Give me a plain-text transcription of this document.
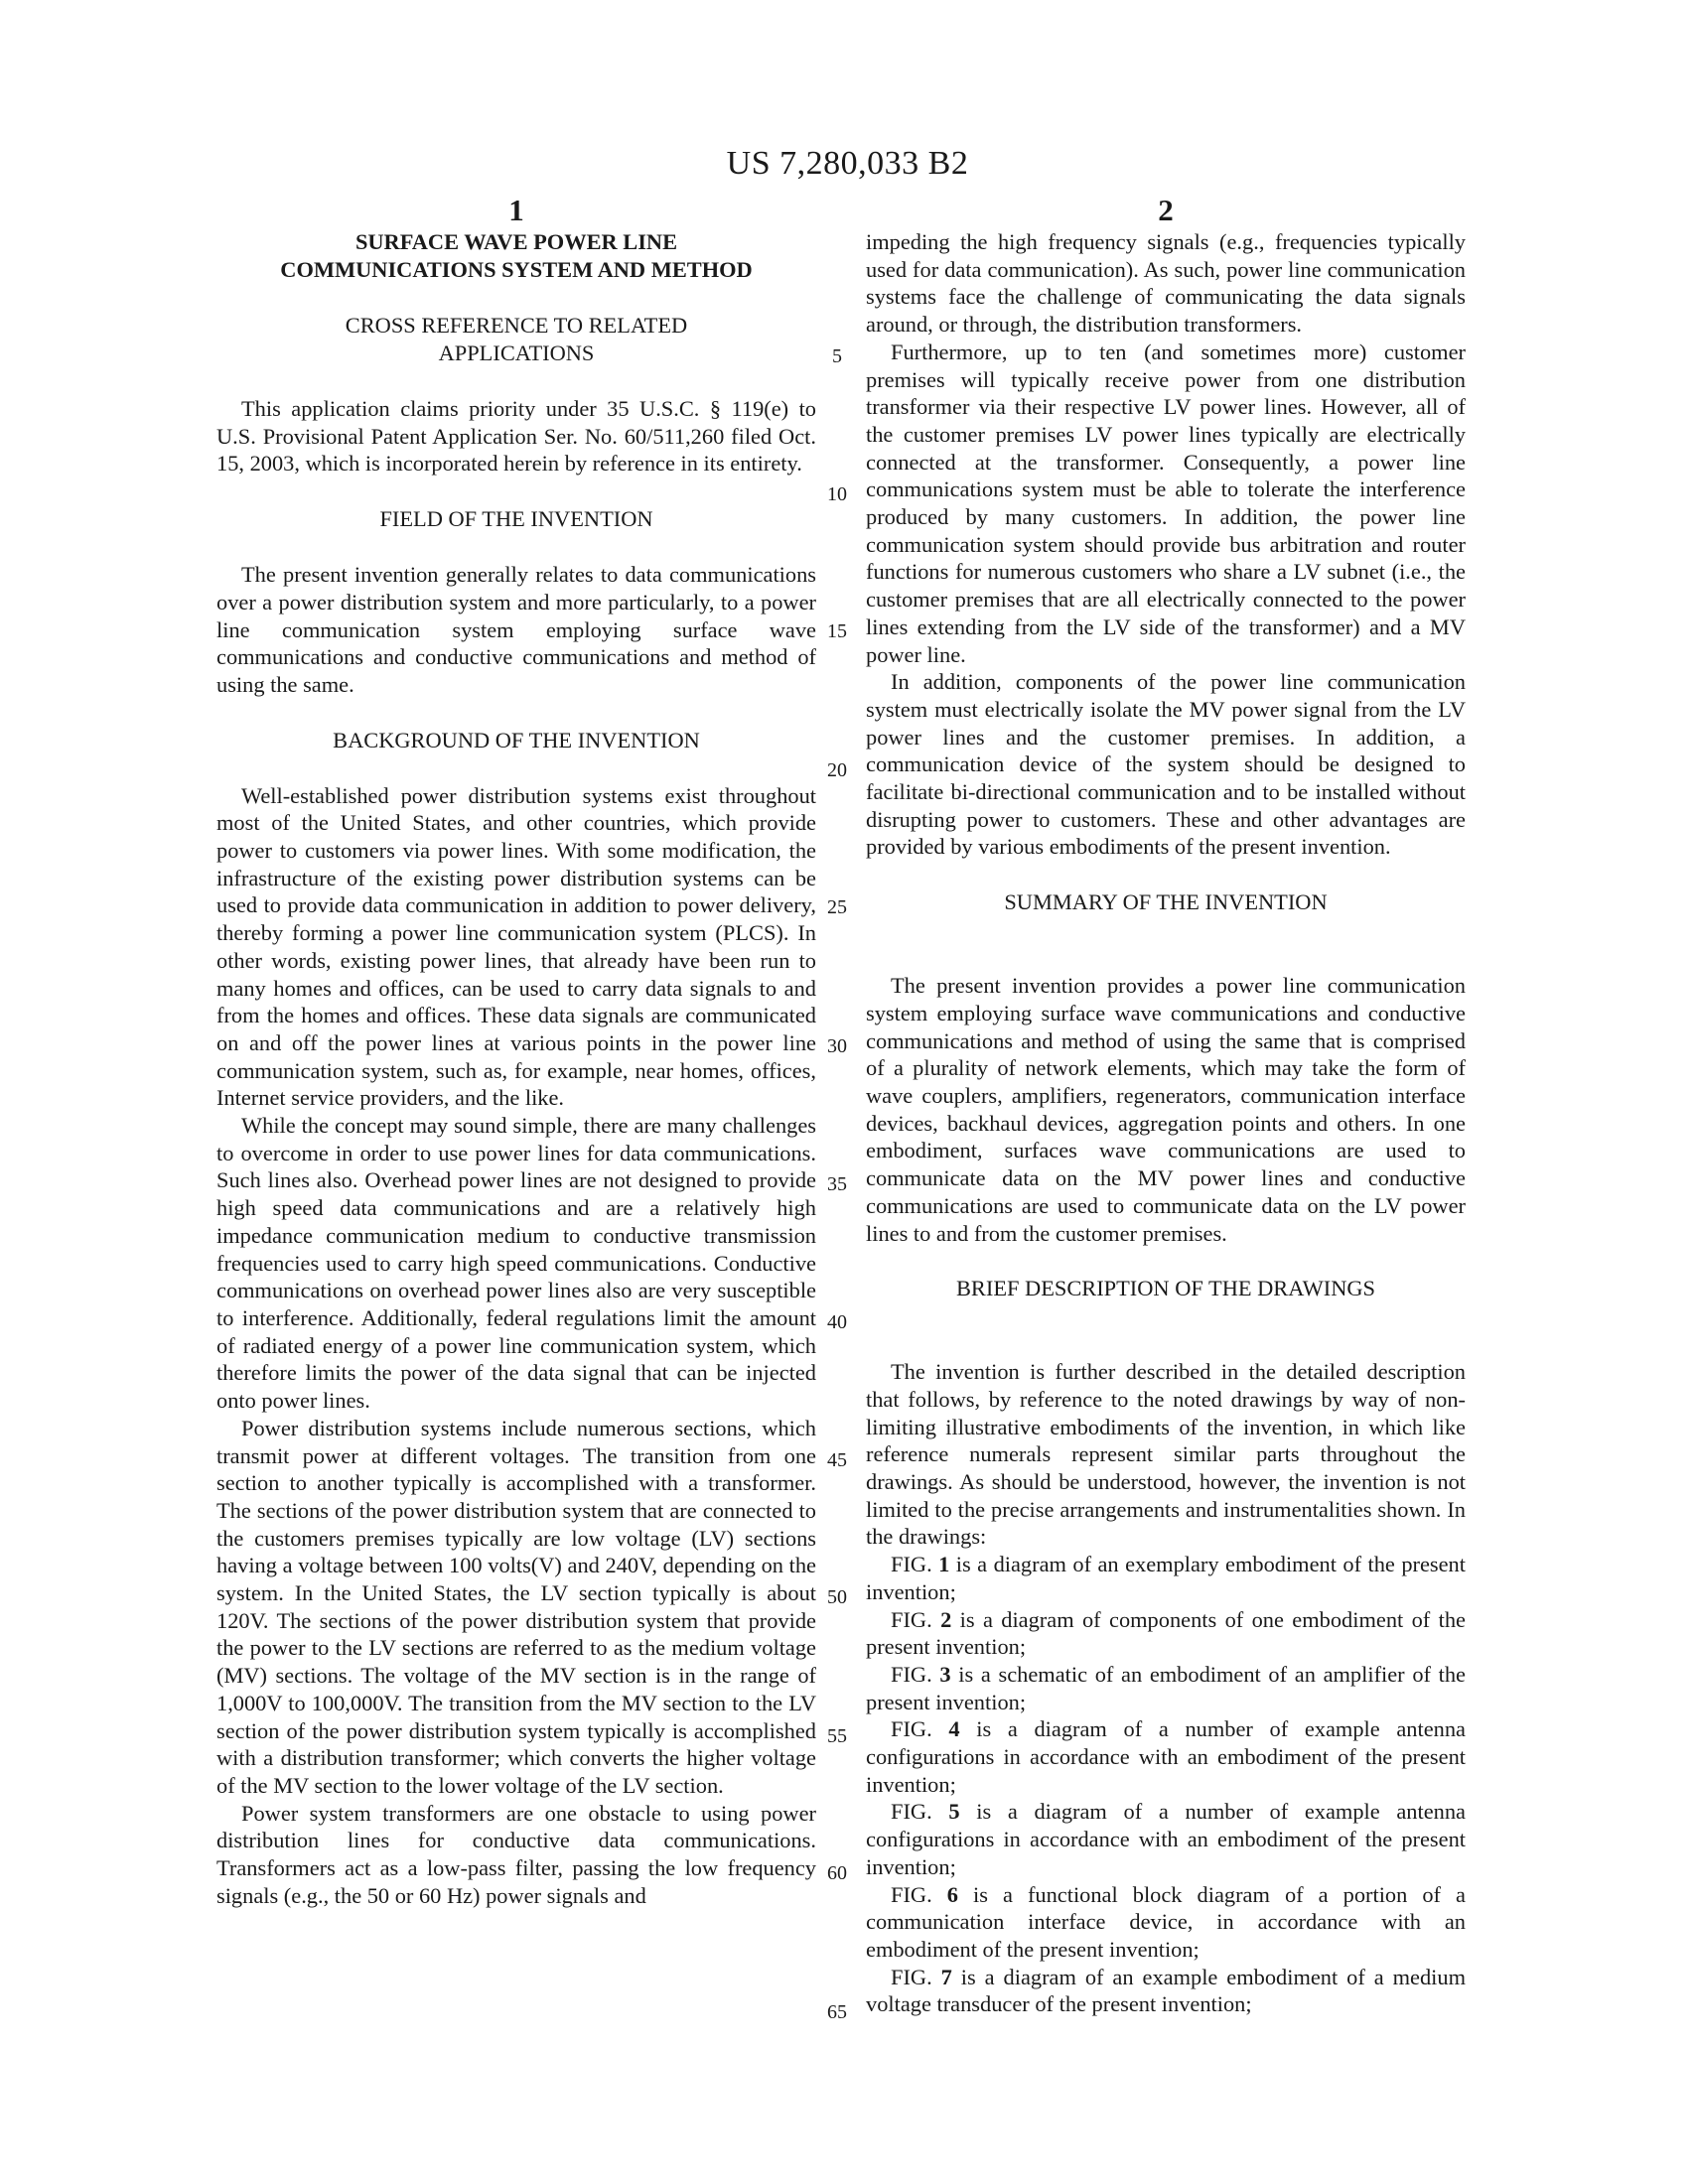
US 7,280,033 B2
1
SURFACE WAVE POWER LINE COMMUNICATIONS SYSTEM AND METHOD
CROSS REFERENCE TO RELATED APPLICATIONS

This application claims priority under 35 U.S.C. § 119(e) to U.S. Provisional Patent Application Ser. No. 60/511,260 filed Oct. 15, 2003, which is incorporated herein by reference in its entirety.

FIELD OF THE INVENTION

The present invention generally relates to data communications over a power distribution system and more particularly, to a power line communication system employing surface wave communications and conductive communications and method of using the same.

BACKGROUND OF THE INVENTION

Well-established power distribution systems exist throughout most of the United States, and other countries, which provide power to customers via power lines. With some modification, the infrastructure of the existing power distribution systems can be used to provide data communication in addition to power delivery, thereby forming a power line communication system (PLCS). In other words, existing power lines, that already have been run to many homes and offices, can be used to carry data signals to and from the homes and offices. These data signals are communicated on and off the power lines at various points in the power line communication system, such as, for example, near homes, offices, Internet service providers, and the like.

While the concept may sound simple, there are many challenges to overcome in order to use power lines for data communications. Such lines also. Overhead power lines are not designed to provide high speed data communications and are a relatively high impedance communication medium to conductive transmission frequencies used to carry high speed communications. Conductive communications on overhead power lines also are very susceptible to interference. Additionally, federal regulations limit the amount of radiated energy of a power line communication system, which therefore limits the power of the data signal that can be injected onto power lines.

Power distribution systems include numerous sections, which transmit power at different voltages. The transition from one section to another typically is accomplished with a transformer. The sections of the power distribution system that are connected to the customers premises typically are low voltage (LV) sections having a voltage between 100 volts(V) and 240V, depending on the system. In the United States, the LV section typically is about 120V. The sections of the power distribution system that provide the power to the LV sections are referred to as the medium voltage (MV) sections. The voltage of the MV section is in the range of 1,000V to 100,000V. The transition from the MV section to the LV section of the power distribution system typically is accomplished with a distribution transformer; which converts the higher voltage of the MV section to the lower voltage of the LV section.

Power system transformers are one obstacle to using power distribution lines for conductive data communications. Transformers act as a low-pass filter, passing the low frequency signals (e.g., the 50 or 60 Hz) power signals and

5
10
15
20
25
30
35
40
45
50
55
60
65
2

impeding the high frequency signals (e.g., frequencies typically used for data communication). As such, power line communication systems face the challenge of communicating the data signals around, or through, the distribution transformers.

Furthermore, up to ten (and sometimes more) customer premises will typically receive power from one distribution transformer via their respective LV power lines. However, all of the customer premises LV power lines typically are electrically connected at the transformer. Consequently, a power line communications system must be able to tolerate the interference produced by many customers. In addition, the power line communication system should provide bus arbitration and router functions for numerous customers who share a LV subnet (i.e., the customer premises that are all electrically connected to the power lines extending from the LV side of the transformer) and a MV power line.

In addition, components of the power line communication system must electrically isolate the MV power signal from the LV power lines and the customer premises. In addition, a communication device of the system should be designed to facilitate bi-directional communication and to be installed without disrupting power to customers. These and other advantages are provided by various embodiments of the present invention.

SUMMARY OF THE INVENTION

The present invention provides a power line communication system employing surface wave communications and conductive communications and method of using the same that is comprised of a plurality of network elements, which may take the form of wave couplers, amplifiers, regenerators, communication interface devices, backhaul devices, aggregation points and others. In one embodiment, surfaces wave communications are used to communicate data on the MV power lines and conductive communications are used to communicate data on the LV power lines to and from the customer premises.

BRIEF DESCRIPTION OF THE DRAWINGS

The invention is further described in the detailed description that follows, by reference to the noted drawings by way of non-limiting illustrative embodiments of the invention, in which like reference numerals represent similar parts throughout the drawings. As should be understood, however, the invention is not limited to the precise arrangements and instrumentalities shown. In the drawings:

FIG. 1 is a diagram of an exemplary embodiment of the present invention;

FIG. 2 is a diagram of components of one embodiment of the present invention;

FIG. 3 is a schematic of an embodiment of an amplifier of the present invention;

FIG. 4 is a diagram of a number of example antenna configurations in accordance with an embodiment of the present invention;

FIG. 5 is a diagram of a number of example antenna configurations in accordance with an embodiment of the present invention;

FIG. 6 is a functional block diagram of a portion of a communication interface device, in accordance with an embodiment of the present invention;

FIG. 7 is a diagram of an example embodiment of a medium voltage transducer of the present invention;
